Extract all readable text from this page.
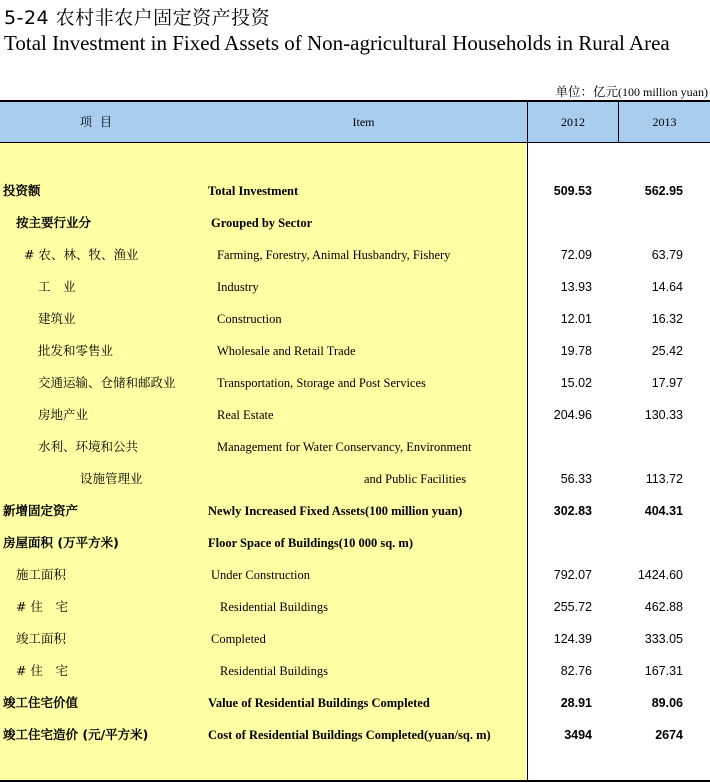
5-24 农村非农户固定资产投资
Total Investment in Fixed Assets of Non-agricultural Households in Rural Area
单位：亿元(100 million yuan)
项目	Item	2012	2013
投资额	Total Investment	509.53	562.95
按主要行业分	Grouped by Sector
# 农、林、牧、渔业	Farming, Forestry, Animal Husbandry, Fishery	72.09	63.79
工　业	Industry	13.93	14.64
建筑业	Construction	12.01	16.32
批发和零售业	Wholesale and Retail Trade	19.78	25.42
交通运输、仓储和邮政业	Transportation, Storage and Post Services	15.02	17.97
房地产业	Real Estate	204.96	130.33
水利、环境和公共	Management for Water Conservancy, Environment
设施管理业	and Public Facilities	56.33	113.72
新增固定资产	Newly Increased Fixed Assets(100 million yuan)	302.83	404.31
房屋面积 (万平方米)	Floor Space of Buildings(10 000 sq. m)
施工面积	Under Construction	792.07	1424.60
# 住　宅	Residential Buildings	255.72	462.88
竣工面积	Completed	124.39	333.05
# 住　宅	Residential Buildings	82.76	167.31
竣工住宅价值	Value of Residential Buildings Completed	28.91	89.06
竣工住宅造价 (元/平方米)	Cost of Residential Buildings Completed(yuan/sq. m)	3494	2674
